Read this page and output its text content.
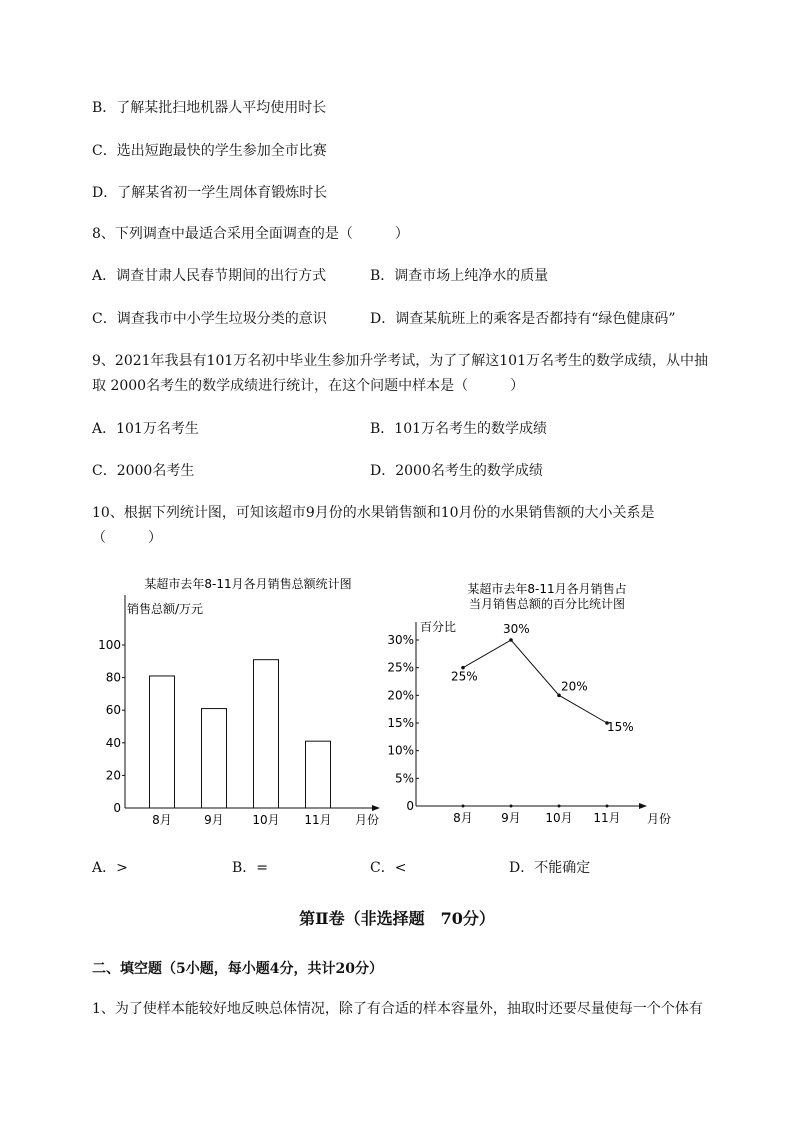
B．了解某批扫地机器人平均使用时长
C．选出短跑最快的学生参加全市比赛
D．了解某省初一学生周体育锻炼时长
8、下列调查中最适合采用全面调查的是（　　　）
A．调查甘肃人民春节期间的出行方式	B．调查市场上纯净水的质量
C．调查我市中小学生垃圾分类的意识	D．调查某航班上的乘客是否都持有“绿色健康码”
9、2021年我县有101万名初中毕业生参加升学考试，为了了解这101万名考生的数学成绩，从中抽
取 2000名考生的数学成绩进行统计，在这个问题中样本是（　　　）
A．101万名考生	B．101万名考生的数学成绩
C．2000名考生	D．2000名考生的数学成绩
10、根据下列统计图，可知该超市9月份的水果销售额和10月份的水果销售额的大小关系是
（　　　）
某超市去年8-11月各月销售总额统计图
销售总额/万元
月份
0
20
40
60
80
100
8月	9月 10月 11月
某超市去年8-11月各月销售占
当月销售总额的百分比统计图
百分比
月份
0
5%
10%
15%
20%
25%
30%
25%
30%
20%
15%
8月 9月 10月 11月
A．>	B．=	C．<	D．不能确定
第Ⅱ卷（非选择题　70分）
二、填空题（5小题，每小题4分，共计20分）
1、为了使样本能较好地反映总体情况，除了有合适的样本容量外，抽取时还要尽量使每一个个体有
